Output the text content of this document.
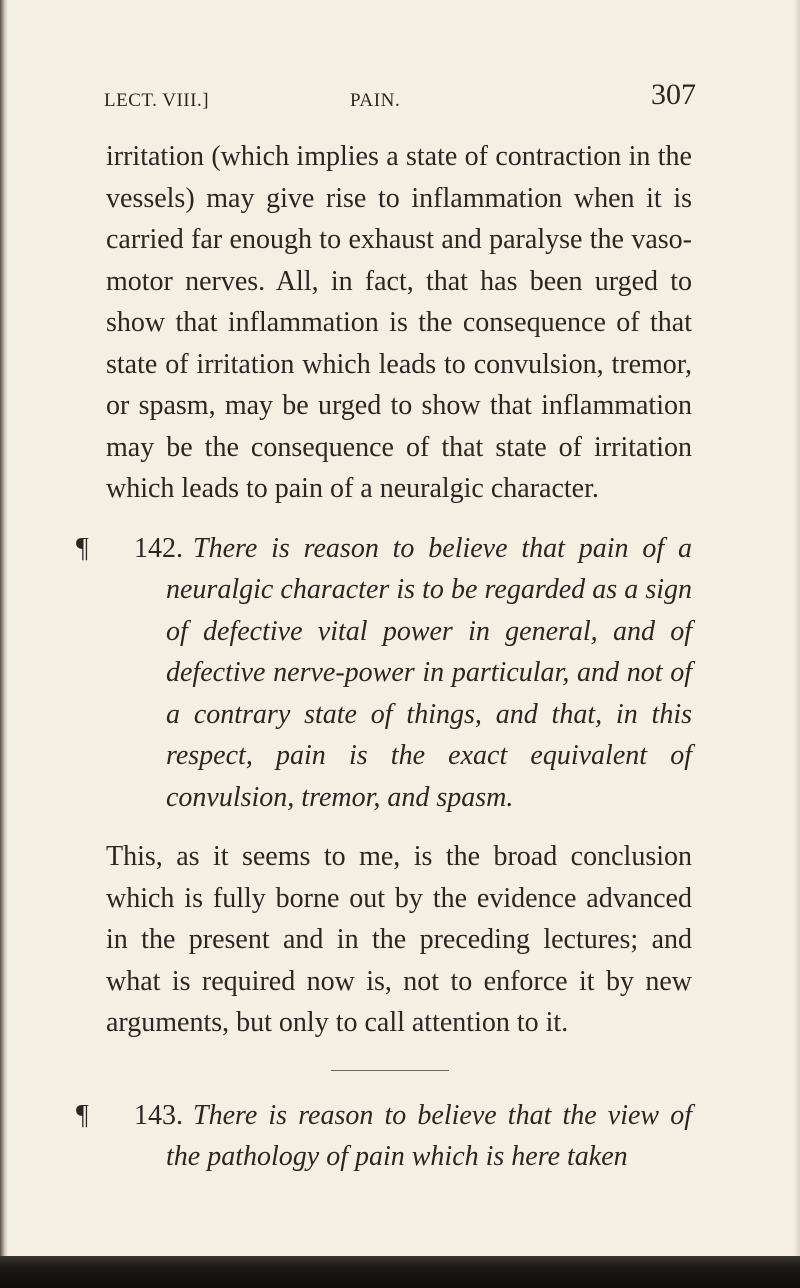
LECT. VIII.]	PAIN.	307

irritation (which implies a state of contraction in the vessels) may give rise to inflammation when it is carried far enough to exhaust and paralyse the vaso-motor nerves. All, in fact, that has been urged to show that inflammation is the consequence of that state of irritation which leads to convulsion, tremor, or spasm, may be urged to show that inflammation may be the consequence of that state of irritation which leads to pain of a neuralgic character.

¶ 142. There is reason to believe that pain of a neuralgic character is to be regarded as a sign of defective vital power in general, and of defective nerve-power in particular, and not of a contrary state of things, and that, in this respect, pain is the exact equivalent of convulsion, tremor, and spasm.

This, as it seems to me, is the broad conclusion which is fully borne out by the evidence advanced in the present and in the preceding lectures; and what is required now is, not to enforce it by new arguments, but only to call attention to it.

¶ 143. There is reason to believe that the view of the pathology of pain which is here taken
